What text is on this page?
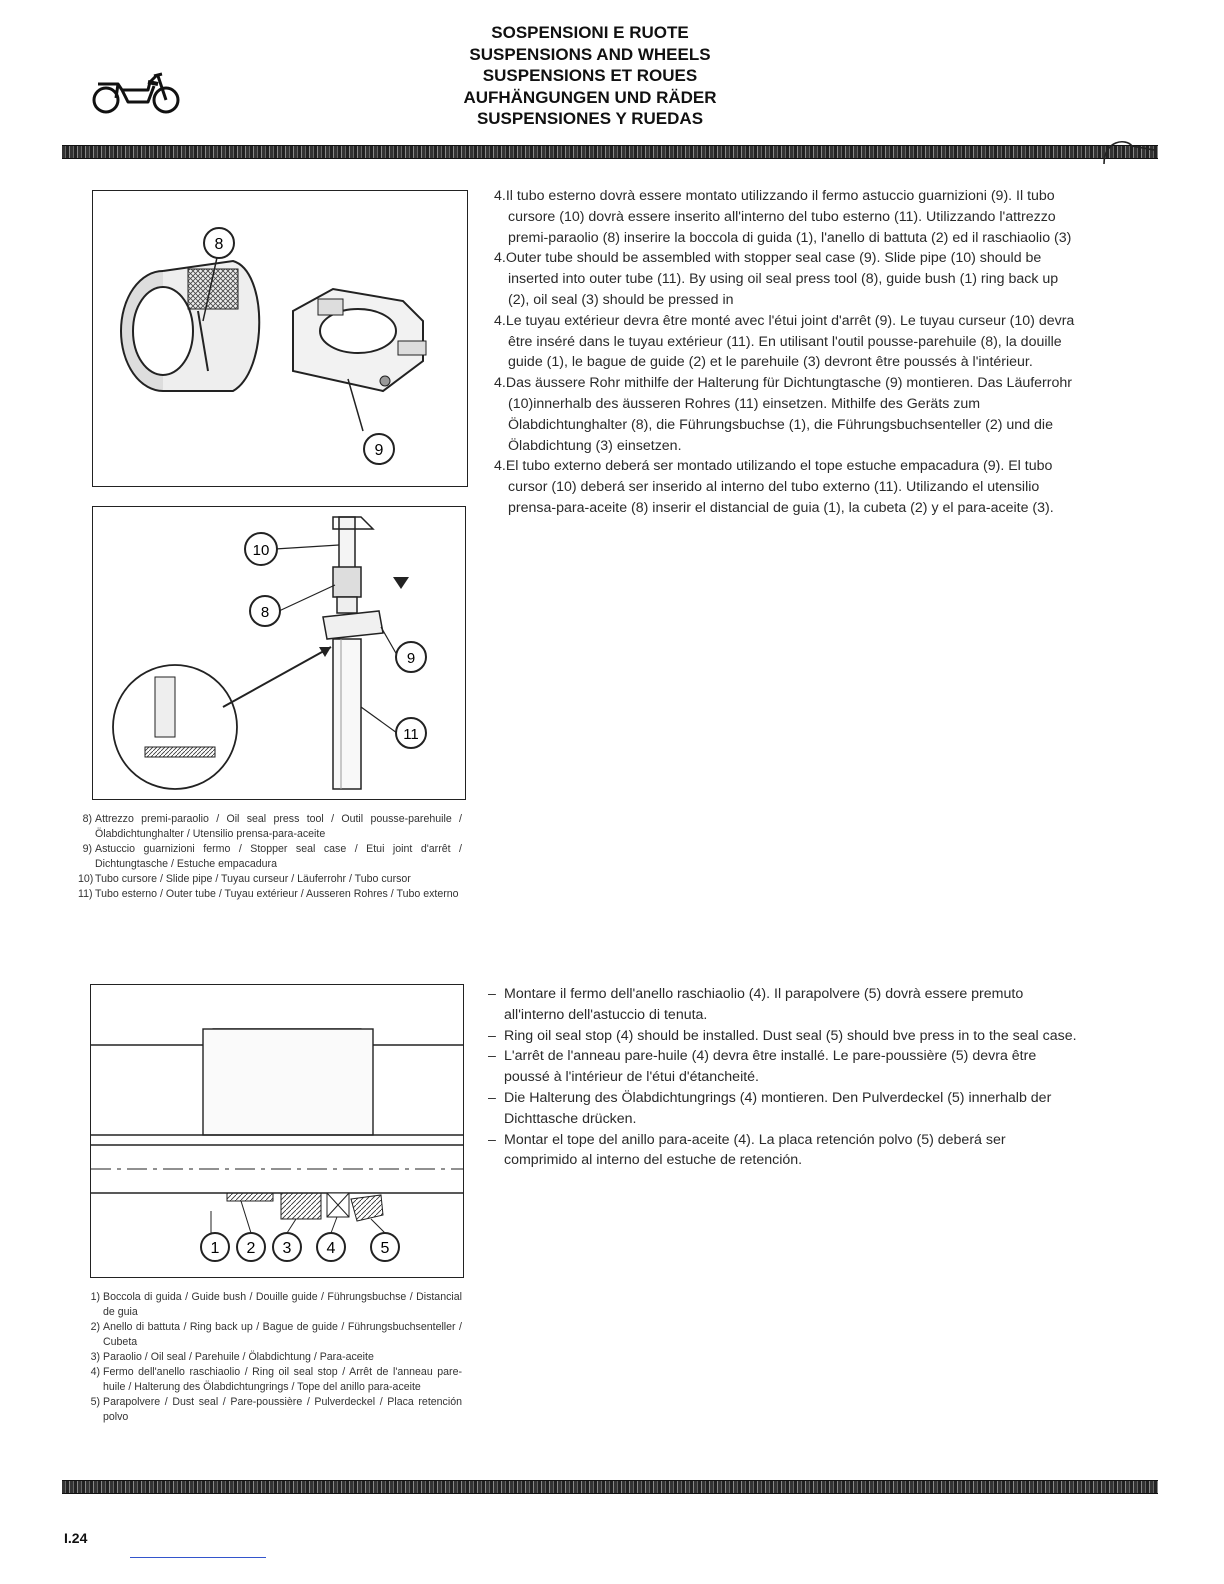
SOSPENSIONI E RUOTE
SUSPENSIONS AND WHEELS
SUSPENSIONS ET ROUES
AUFHÄNGUNGEN UND RÄDER
SUSPENSIONES Y RUEDAS
8
9
10
8
9
11

4.Il tubo esterno dovrà essere montato utilizzando il fermo astuccio guarnizioni (9). Il tubo cursore (10) dovrà essere inserito all'interno del tubo esterno (11). Utilizzando l'attrezzo premi-paraolio (8) inserire la boccola di guida (1), l'anello di battuta (2) ed il raschiaolio (3)

4.Outer tube should be assembled with stopper seal case (9). Slide pipe (10) should be inserted into outer tube (11). By using oil seal press tool (8), guide bush (1) ring back up (2), oil seal (3) should be pressed in

4.Le tuyau extérieur devra être monté avec l'étui joint d'arrêt (9). Le tuyau curseur (10) devra être inséré dans le tuyau extérieur (11). En utilisant l'outil pousse-parehuile (8), la douille guide (1), le bague de guide (2) et le parehuile (3) devront être poussés à l'intérieur.

4.Das äussere Rohr mithilfe der Halterung für Dichtungtasche (9) montieren. Das Läuferrohr (10)innerhalb des äusseren Rohres (11) einsetzen. Mithilfe des Geräts zum Ölabdichtunghalter (8), die Führungsbuchse (1), die Führungsbuchsenteller (2) und die Ölabdichtung (3) einsetzen.

4.El tubo externo deberá ser montado utilizando el tope estuche empacadura (9). El tubo cursor (10) deberá ser inserido al interno del tubo externo (11). Utilizando el utensilio prensa-para-aceite (8) inserir el distancial de guia (1), la cubeta (2) y el para-aceite (3).

8) Attrezzo premi-paraolio / Oil seal press tool / Outil pousse-parehuile / Ölabdichtunghalter / Utensilio prensa-para-aceite
9) Astuccio guarnizioni fermo / Stopper seal case / Etui joint d'arrêt / Dichtungtasche / Estuche empacadura
10) Tubo cursore / Slide pipe / Tuyau curseur / Läuferrohr / Tubo cursor
11) Tubo esterno / Outer tube / Tuyau extérieur / Ausseren Rohres / Tubo externo
1 2 3 4	5
– Montare il fermo dell'anello raschiaolio (4). Il parapolvere (5) dovrà essere premuto all'interno dell'astuccio di tenuta.
– Ring oil seal stop (4) should be installed. Dust seal (5) should bve press in to the seal case.
– L'arrêt de l'anneau pare-huile (4) devra être installé. Le pare-poussière (5) devra être poussé à l'intérieur de l'étui d'étancheité.
– Die Halterung des Ölabdichtungrings (4) montieren. Den Pulverdeckel (5) innerhalb der Dichttasche drücken.
– Montar el tope del anillo para-aceite (4). La placa retención polvo (5) deberá ser comprimido al interno del estuche de retención.
1) Boccola di guida / Guide bush / Douille guide / Führungsbuchse / Distancial de guia
2) Anello di battuta / Ring back up / Bague de guide / Führungsbuchsenteller / Cubeta
3) Paraolio / Oil seal / Parehuile / Ölabdichtung / Para-aceite
4) Fermo dell'anello raschiaolio / Ring oil seal stop / Arrêt de l'anneau pare-huile / Halterung des Ölabdichtungrings / Tope del anillo para-aceite
5) Parapolvere / Dust seal / Pare-poussière / Pulverdeckel / Placa retención polvo
I.24
